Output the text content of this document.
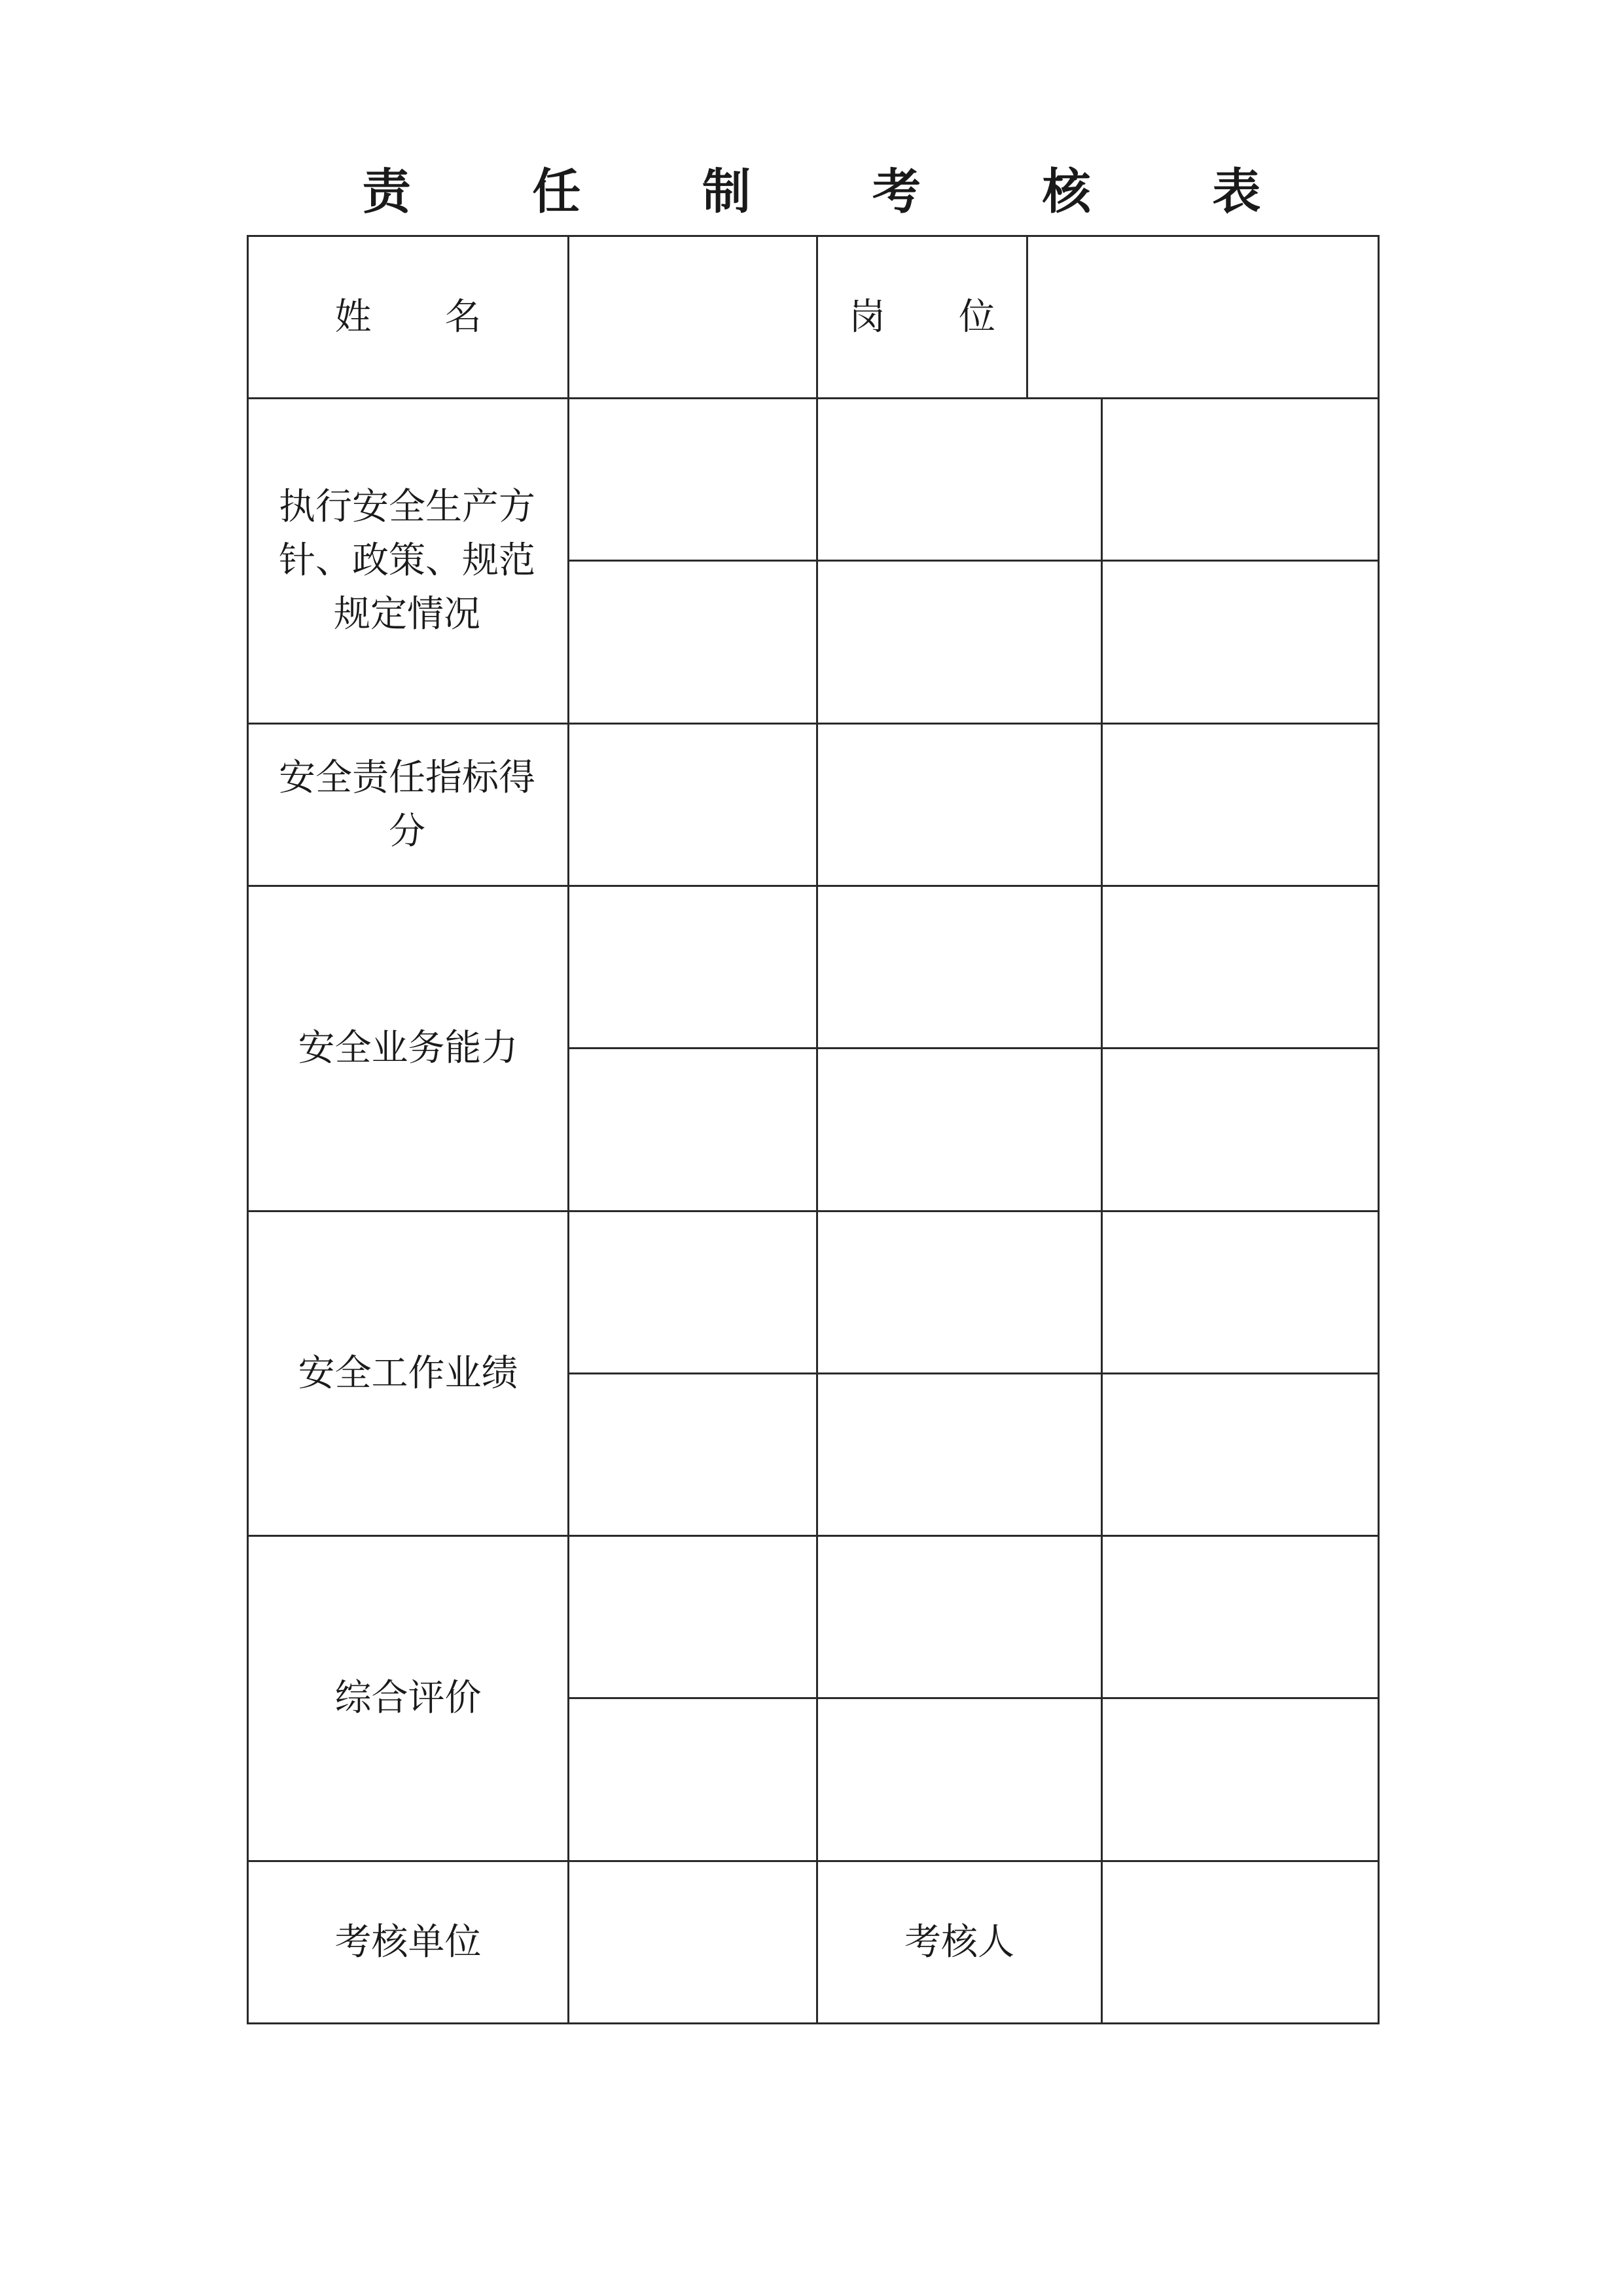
责 任 制 考 核 表
姓　　名	岗　　位
执行安全生产方针、政策、规范规定情况
安全责任指标得分
安全业务能力
安全工作业绩
综合评价
考核单位	考核人
